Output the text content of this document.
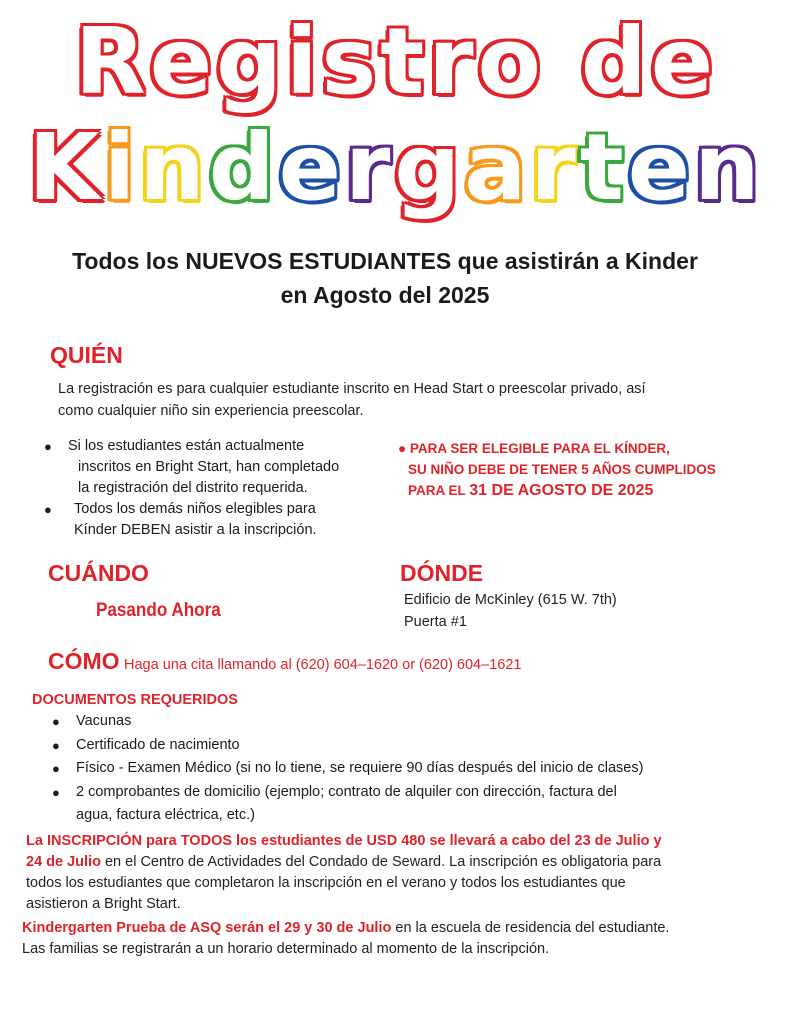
Registro de
Kindergarten
Todos los NUEVOS ESTUDIANTES que asistirán a Kinder
en Agosto del 2025
QUIÉN
La registración es para cualquier estudiante inscrito en Head Start o preescolar privado, así
como cualquier niño sin experiencia preescolar.
● Si los estudiantes están actualmente
inscritos en Bright Start, han completado
la registración del distrito requerida.
● Todos los demás niños elegibles para
Kínder DEBEN asistir a la inscripción.
● PARA SER ELEGIBLE PARA EL KÍNDER,
SU NIÑO DEBE DE TENER 5 AÑOS CUMPLIDOS
PARA EL 31 DE AGOSTO DE 2025
CUÁNDO
Pasando Ahora
DÓNDE
Edificio de McKinley (615 W. 7th)
Puerta #1
CÓMO Haga una cita llamando al (620) 604–1620 or (620) 604–1621
DOCUMENTOS REQUERIDOS
● Vacunas
● Certificado de nacimiento
● Físico - Examen Médico (si no lo tiene, se requiere 90 días después del inicio de clases)
● 2 comprobantes de domicilio (ejemplo; contrato de alquiler con dirección, factura del
agua, factura eléctrica, etc.)
La INSCRIPCIÓN para TODOS los estudiantes de USD 480 se llevará a cabo del 23 de Julio y
24 de Julio en el Centro de Actividades del Condado de Seward. La inscripción es obligatoria para
todos los estudiantes que completaron la inscripción en el verano y todos los estudiantes que
asistieron a Bright Start.
Kindergarten Prueba de ASQ serán el 29 y 30 de Julio en la escuela de residencia del estudiante.
Las familias se registrarán a un horario determinado al momento de la inscripción.
